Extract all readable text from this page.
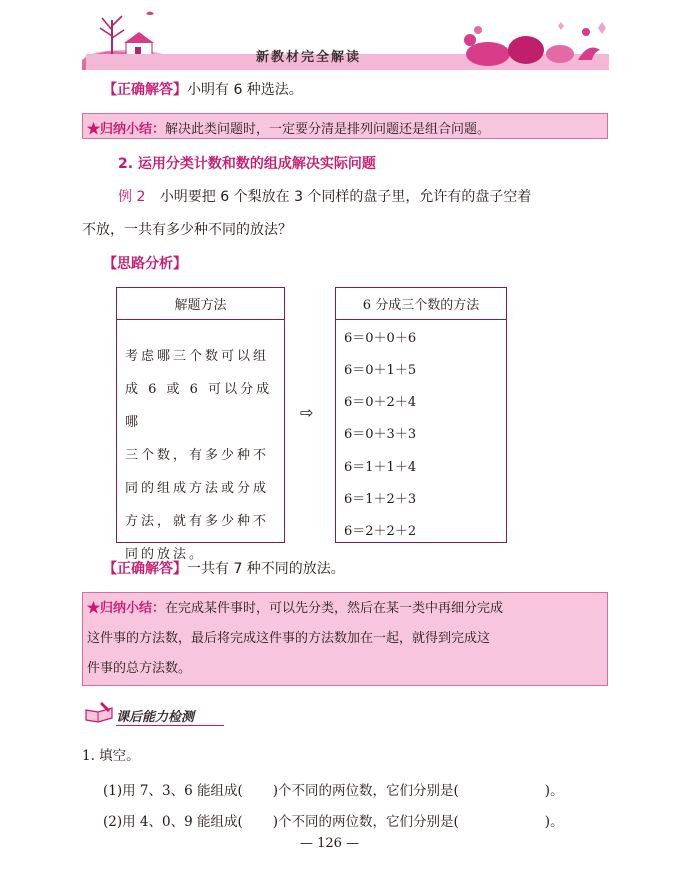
新教材完全解读
【正确解答】小明有 6 种选法。
★归纳小结：解决此类问题时，一定要分清是排列问题还是组合问题。
2. 运用分类计数和数的组成解决实际问题
例 2 小明要把 6 个梨放在 3 个同样的盘子里，允许有的盘子空着
不放，一共有多少种不同的放法？
【思路分析】
解题方法
考虑哪三个数可以组
成 6 或 6 可以分成哪
三个数，有多少种不
同的组成方法或分成
方法，就有多少种不
同的放法。
⇨
6 分成三个数的方法
6＝0＋0＋6
6＝0＋1＋5
6＝0＋2＋4
6＝0＋3＋3
6＝1＋1＋4
6＝1＋2＋3
6＝2＋2＋2
【正确解答】一共有 7 种不同的放法。
★归纳小结：在完成某件事时，可以先分类，然后在某一类中再细分完成
这件事的方法数，最后将完成这件事的方法数加在一起，就得到完成这
件事的总方法数。
课后能力检测
1. 填空。
(1)用 7、3、6 能组成( )个不同的两位数，它们分别是(	)。
(2)用 4、0、9 能组成( )个不同的两位数，它们分别是(	)。
— 126 —
